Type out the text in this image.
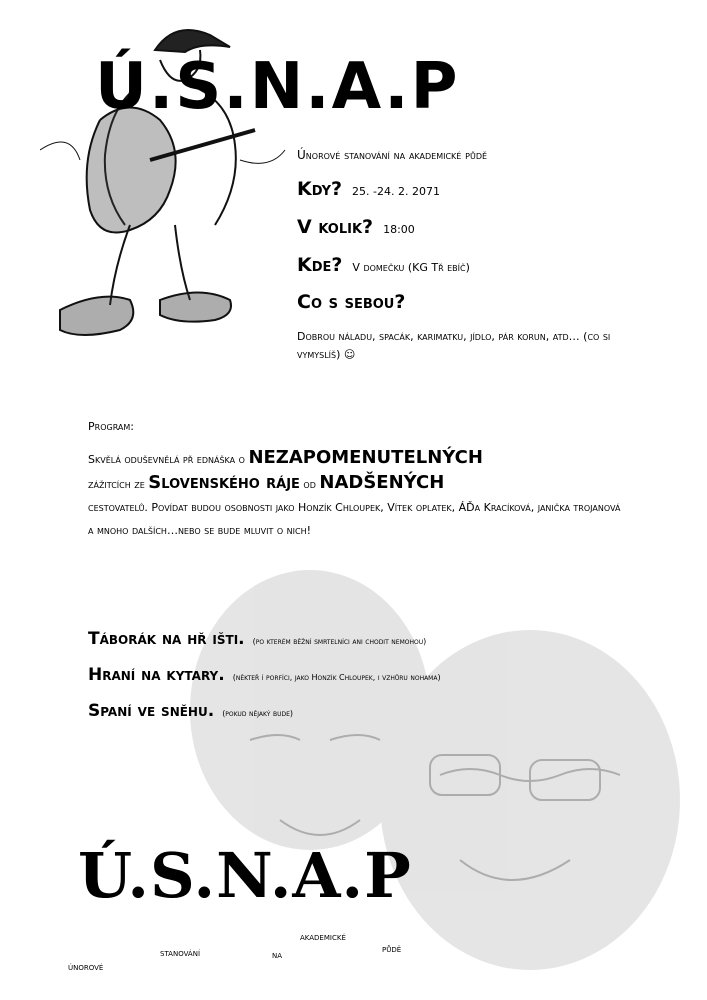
Ú.S.N.A.P
Únorové stanování na akademické půdě
Kdy? 25. -24. 2. 2071
V kolik? 18:00
Kde? V domečku (KG Tř ebíč)
Co s sebou?
Dobrou náladu, spacák, karimatku, jídlo, pár korun, atd… (co si vymyslíš) ☺
Program:
Skvělá oduševnělá př ednáška o NEZAPOMENUTELNÝCH
zážitcích ze Slovenského ráje od NADŠENÝCH
cestovatelů. Povídat budou osobnosti jako Honzík Chloupek, Vítek oplatek, ÁĎa Kracíková, janička trojanová a mnoho dalších…nebo se bude mluvit o nich!
Táborák na hř išti. (po kterém běžní smrtelníci ani chodit nemohou)
Hraní na kytary. (někteř í porfíci, jako Honzík Chloupek, i vzhůru nohama)
Spaní ve sněhu. (pokud nějaký bude)
Ú.S.N.A.P
únorové
stanování	na
akademické
půdě
